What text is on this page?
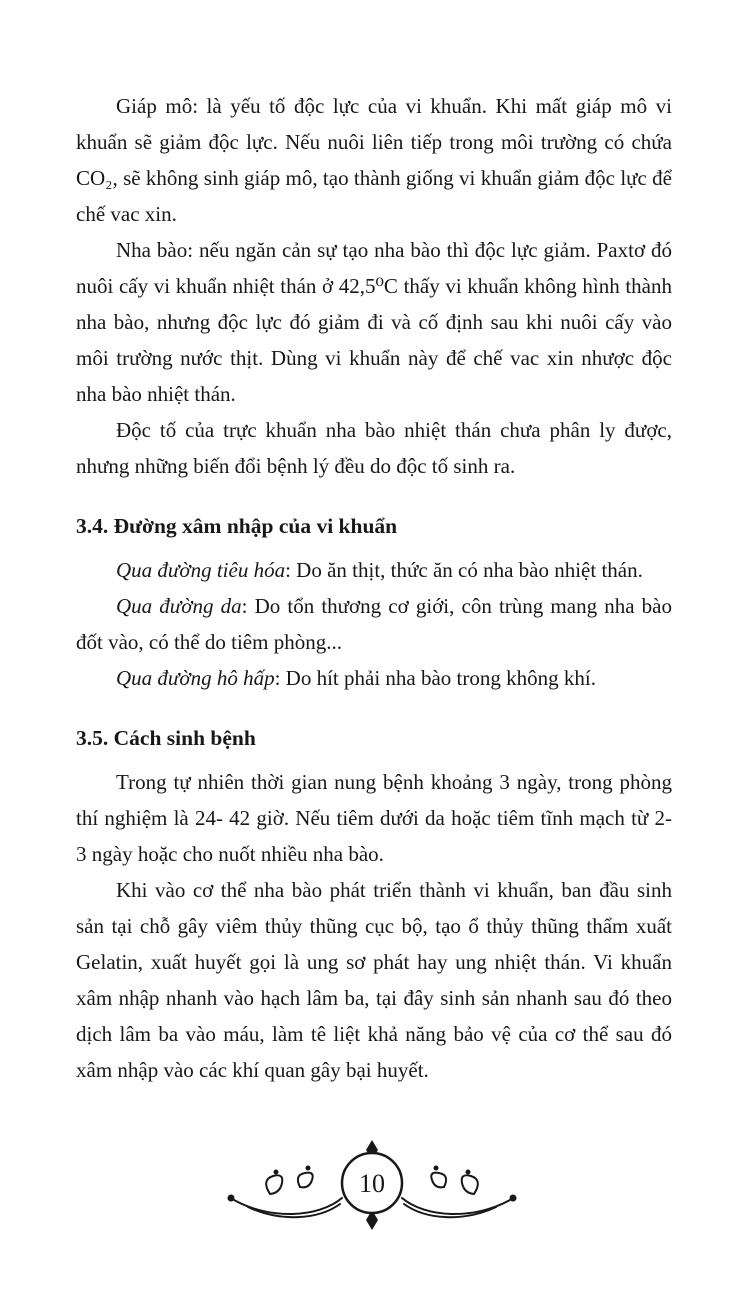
Giáp mô: là yếu tố độc lực của vi khuẩn. Khi mất giáp mô vi khuẩn sẽ giảm độc lực. Nếu nuôi liên tiếp trong môi trường có chứa CO₂, sẽ không sinh giáp mô, tạo thành giống vi khuẩn giảm độc lực để chế vac xin.

Nha bào: nếu ngăn cản sự tạo nha bào thì độc lực giảm. Paxtơ đó nuôi cấy vi khuẩn nhiệt thán ở 42,5⁰C thấy vi khuẩn không hình thành nha bào, nhưng độc lực đó giảm đi và cố định sau khi nuôi cấy vào môi trường nước thịt. Dùng vi khuẩn này để chế vac xin nhược độc nha bào nhiệt thán.

Độc tố của trực khuẩn nha bào nhiệt thán chưa phân ly được, nhưng những biến đổi bệnh lý đều do độc tố sinh ra.

3.4. Đường xâm nhập của vi khuẩn

Qua đường tiêu hóa: Do ăn thịt, thức ăn có nha bào nhiệt thán.

Qua đường da: Do tổn thương cơ giới, côn trùng mang nha bào đốt vào, có thể do tiêm phòng...

Qua đường hô hấp: Do hít phải nha bào trong không khí.

3.5. Cách sinh bệnh

Trong tự nhiên thời gian nung bệnh khoảng 3 ngày, trong phòng thí nghiệm là 24- 42 giờ. Nếu tiêm dưới da hoặc tiêm tĩnh mạch từ 2- 3 ngày hoặc cho nuốt nhiều nha bào.

Khi vào cơ thể nha bào phát triển thành vi khuẩn, ban đầu sinh sản tại chỗ gây viêm thủy thũng cục bộ, tạo ổ thủy thũng thẩm xuất Gelatin, xuất huyết gọi là ung sơ phát hay ung nhiệt thán. Vi khuẩn xâm nhập nhanh vào hạch lâm ba, tại đây sinh sản nhanh sau đó theo dịch lâm ba vào máu, làm tê liệt khả năng bảo vệ của cơ thể sau đó xâm nhập vào các khí quan gây bại huyết.

10
